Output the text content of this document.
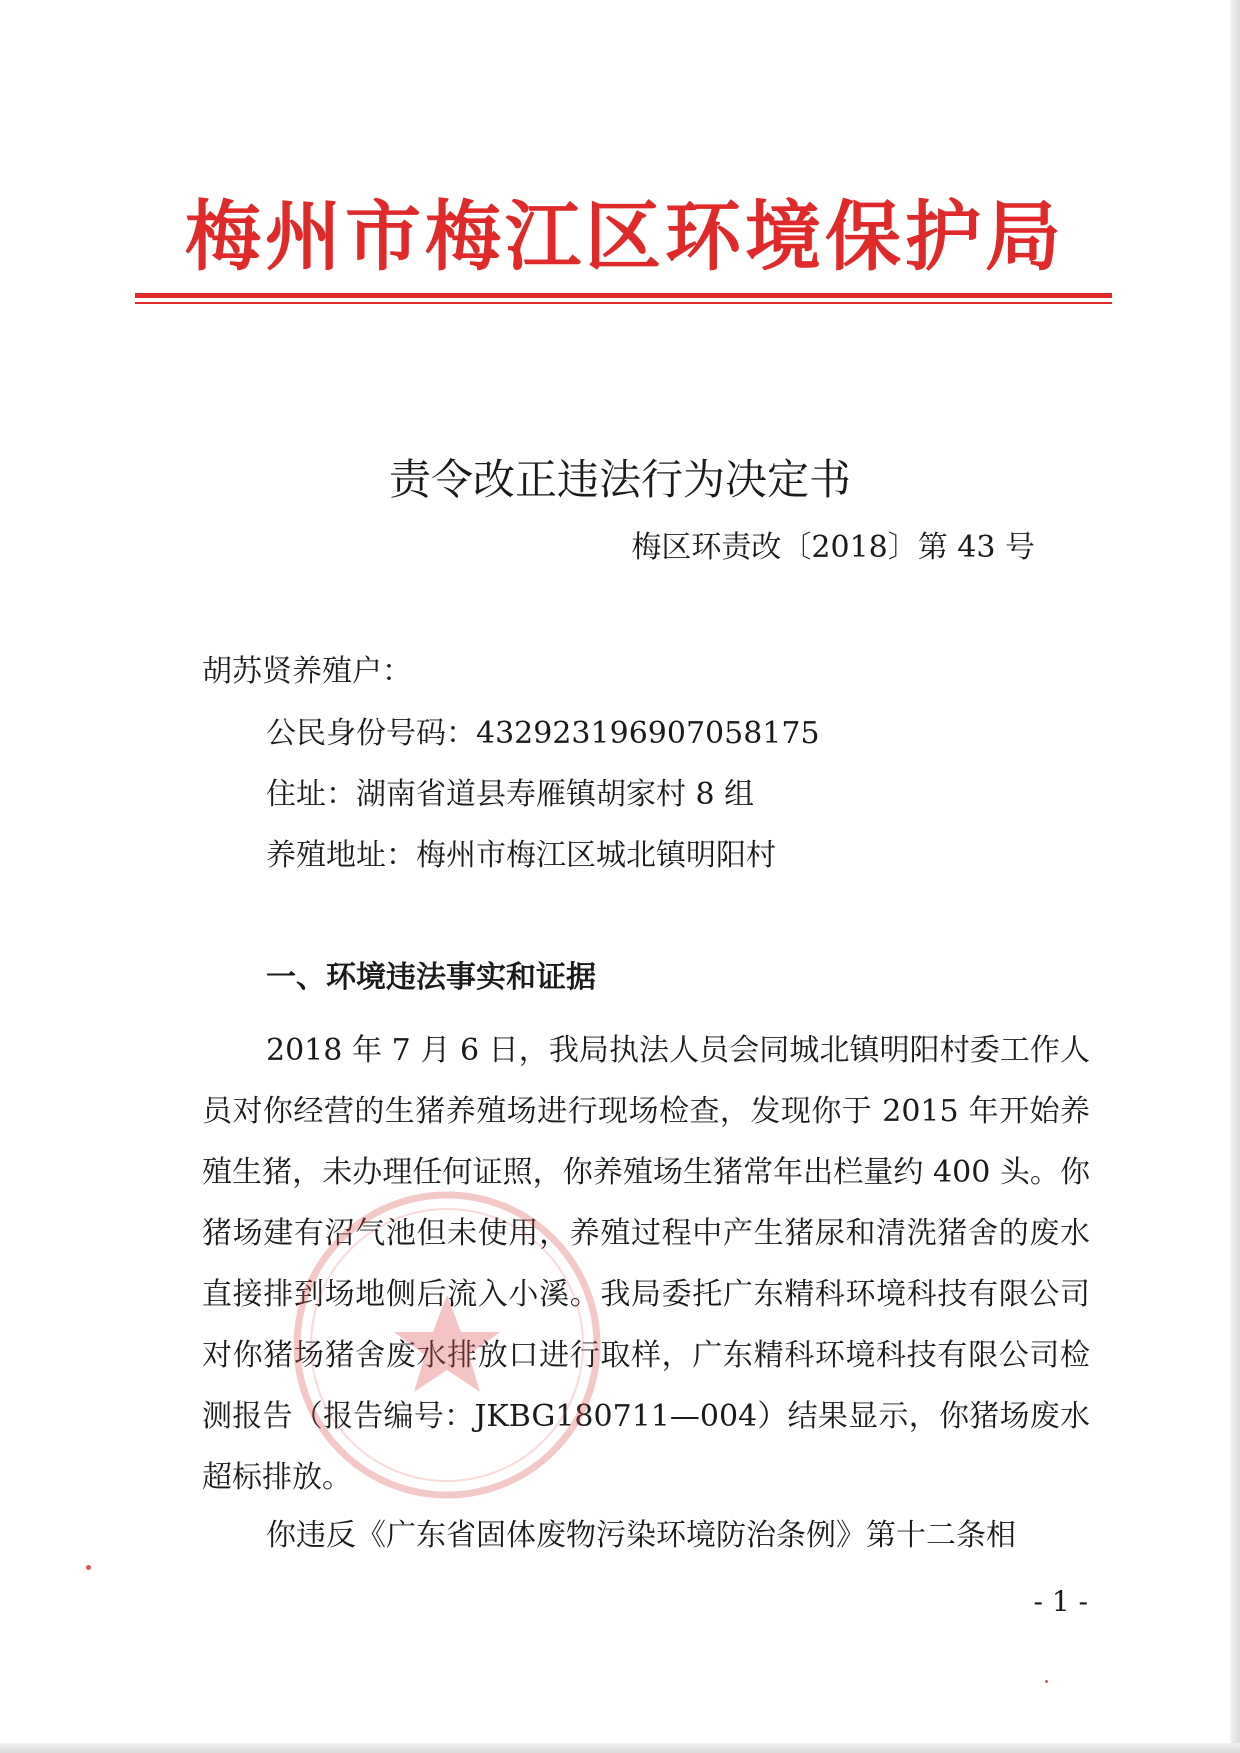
梅州市梅江区环境保护局
责令改正违法行为决定书
梅区环责改〔2018〕第 43 号
胡苏贤养殖户：
公民身份号码：432923196907058175
住址：湖南省道县寿雁镇胡家村 8 组
养殖地址：梅州市梅江区城北镇明阳村
一、环境违法事实和证据

2018 年 7 月 6 日，我局执法人员会同城北镇明阳村委工作人员对你经营的生猪养殖场进行现场检查，发现你于 2015 年开始养殖生猪，未办理任何证照，你养殖场生猪常年出栏量约 400 头。你猪场建有沼气池但未使用，养殖过程中产生猪尿和清洗猪舍的废水直接排到场地侧后流入小溪。我局委托广东精科环境科技有限公司对你猪场猪舍废水排放口进行取样，广东精科环境科技有限公司检测报告（报告编号：JKBG180711—004）结果显示，你猪场废水超标排放。

你违反《广东省固体废物污染环境防治条例》第十二条相

- 1 -
